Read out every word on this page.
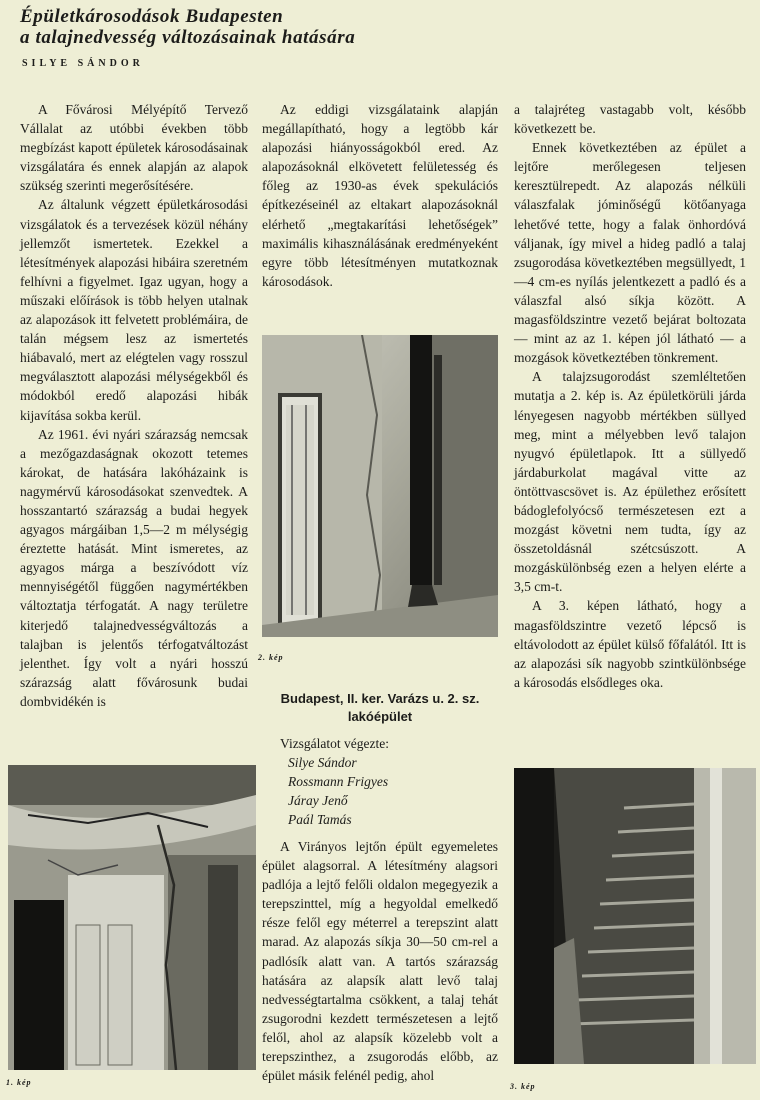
Épületkárosodások Budapesten
a talajnedvesség változásainak hatására
SILYE SÁNDOR

A Fővárosi Mélyépítő Tervező Vállalat az utóbbi években több megbízást kapott épületek károsodásainak vizsgálatára és ennek alapján az alapok szükség szerinti megerősítésére.

Az általunk végzett épületkárosodási vizsgálatok és a tervezések közül néhány jellemzőt ismertetek. Ezekkel a létesítmények alapozási hibáira szeretném felhívni a figyelmet. Igaz ugyan, hogy a műszaki előírások is több helyen utalnak az alapozások itt felvetett problémáira, de talán mégsem lesz az ismertetés hiábavaló, mert az elégtelen vagy rosszul megválasztott alapozási mélységekből és módokból eredő alapozási hibák kijavítása sokba kerül.

Az 1961. évi nyári szárazság nemcsak a mezőgazdaságnak okozott tetemes károkat, de hatására lakóházaink is nagymérvű károsodásokat szenvedtek. A hosszantartó szárazság a budai hegyek agyagos márgáiban 1,5—2 m mélységig éreztette hatását. Mint ismeretes, az agyagos márga a beszívódott víz mennyiségétől függően nagymértékben változtatja térfogatát. A nagy területre kiterjedő talajnedvességváltozás a talajban is jelentős térfogatváltozást jelenthet. Így volt a nyári hosszú szárazság alatt fővárosunk budai dombvidékén is

Az eddigi vizsgálataink alapján megállapítható, hogy a legtöbb kár alapozási hiányosságokból ered. Az alapozásoknál elkövetett felületesség és főleg az 1930-as évek spekulációs építkezéseinél az eltakart alapozásoknál elérhető „megtakarítási lehetőségek” maximális kihasználásának eredményeként egyre több létesítményen mutatkoznak károsodások.

a talajréteg vastagabb volt, később következett be.

Ennek következtében az épület a lejtőre merőlegesen teljesen keresztülrepedt. Az alapozás nélküli válaszfalak jóminőségű kötőanyaga lehetővé tette, hogy a falak önhordóvá váljanak, így mivel a hideg padló a talaj zsugorodása következtében megsüllyedt, 1—4 cm-es nyílás jelentkezett a padló és a válaszfal alsó síkja között. A magasföldszintre vezető bejárat boltozata — mint az az 1. képen jól látható — a mozgások következtében tönkrement.

A talajzsugorodást szemléltetően mutatja a 2. kép is. Az épületkörüli járda lényegesen nagyobb mértékben süllyed meg, mint a mélyebben levő talajon nyugvó épületlapok. Itt a süllyedő járdaburkolat magával vitte az öntöttvascsövet is. Az épülethez erősített bádoglefolyócső természetesen ezt a mozgást követni nem tudta, így az összetoldásnál szétcsúszott. A mozgáskülönbség ezen a helyen elérte a 3,5 cm-t.

A 3. képen látható, hogy a magasföldszintre vezető lépcső is eltávolodott az épület külső főfalától. Itt is az alapozási sík nagyobb szintkülönbsége a károsodás elsődleges oka.

2. kép
Budapest, II. ker. Varázs u. 2. sz.
lakóépület
Vizsgálatot végezte:
Silye Sándor
Rossmann Frigyes
Járay Jenő
Paál Tamás

A Virányos lejtőn épült egyemeletes épület alagsorral. A létesítmény alagsori padlója a lejtő felőli oldalon megegyezik a terepszinttel, míg a hegyoldal emelkedő része felől egy méterrel a terepszint alatt marad. Az alapozás síkja 30—50 cm-rel a padlósík alatt van. A tartós szárazság hatására az alapsík alatt levő talaj nedvességtartalma csökkent, a talaj tehát zsugorodni kezdett természetesen a lejtő felől, ahol az alapsík közelebb volt a terepszinthez, a zsugorodás előbb, az épület másik felénél pedig, ahol

1. kép	3. kép
